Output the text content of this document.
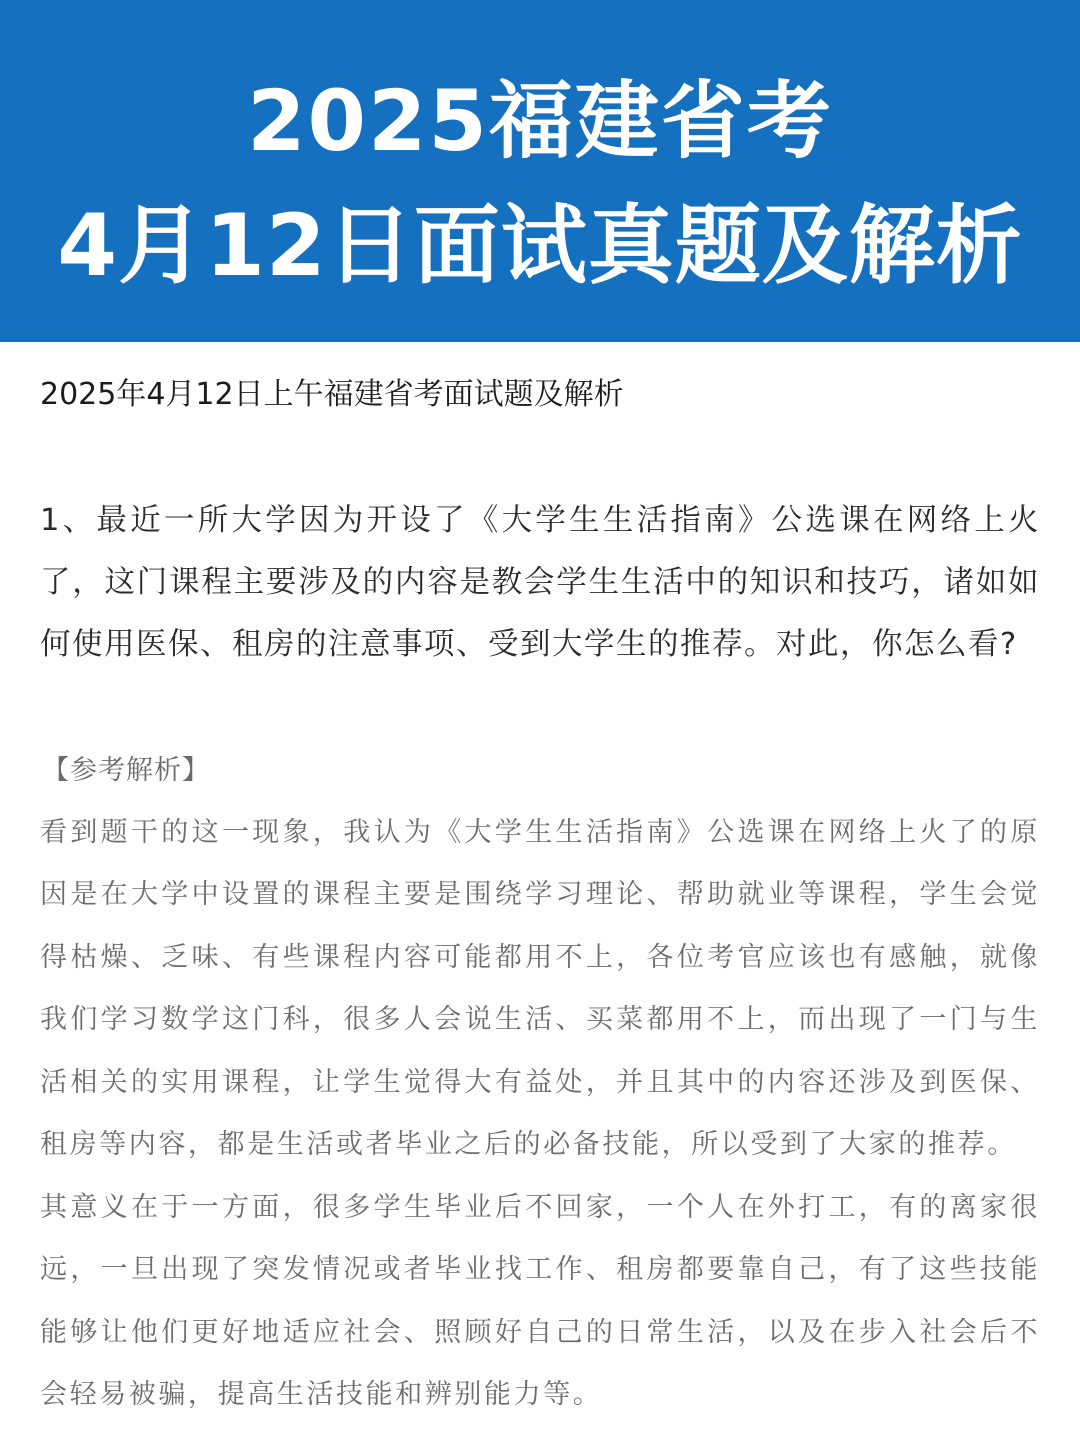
2025福建省考
4月12日面试真题及解析
2025年4月12日上午福建省考面试题及解析
1、最近一所大学因为开设了《大学生生活指南》公选课在网络上火了，这门课程主要涉及的内容是教会学生生活中的知识和技巧，诸如如何使用医保、租房的注意事项、受到大学生的推荐。对此，你怎么看?
【参考解析】
看到题干的这一现象，我认为《大学生生活指南》公选课在网络上火了的原因是在大学中设置的课程主要是围绕学习理论、帮助就业等课程，学生会觉得枯燥、乏味、有些课程内容可能都用不上，各位考官应该也有感触，就像我们学习数学这门科，很多人会说生活、买菜都用不上，而出现了一门与生活相关的实用课程，让学生觉得大有益处，并且其中的内容还涉及到医保、租房等内容，都是生活或者毕业之后的必备技能，所以受到了大家的推荐。
其意义在于一方面，很多学生毕业后不回家，一个人在外打工，有的离家很远，一旦出现了突发情况或者毕业找工作、租房都要靠自己，有了这些技能能够让他们更好地适应社会、照顾好自己的日常生活，以及在步入社会后不会轻易被骗，提高生活技能和辨别能力等。
